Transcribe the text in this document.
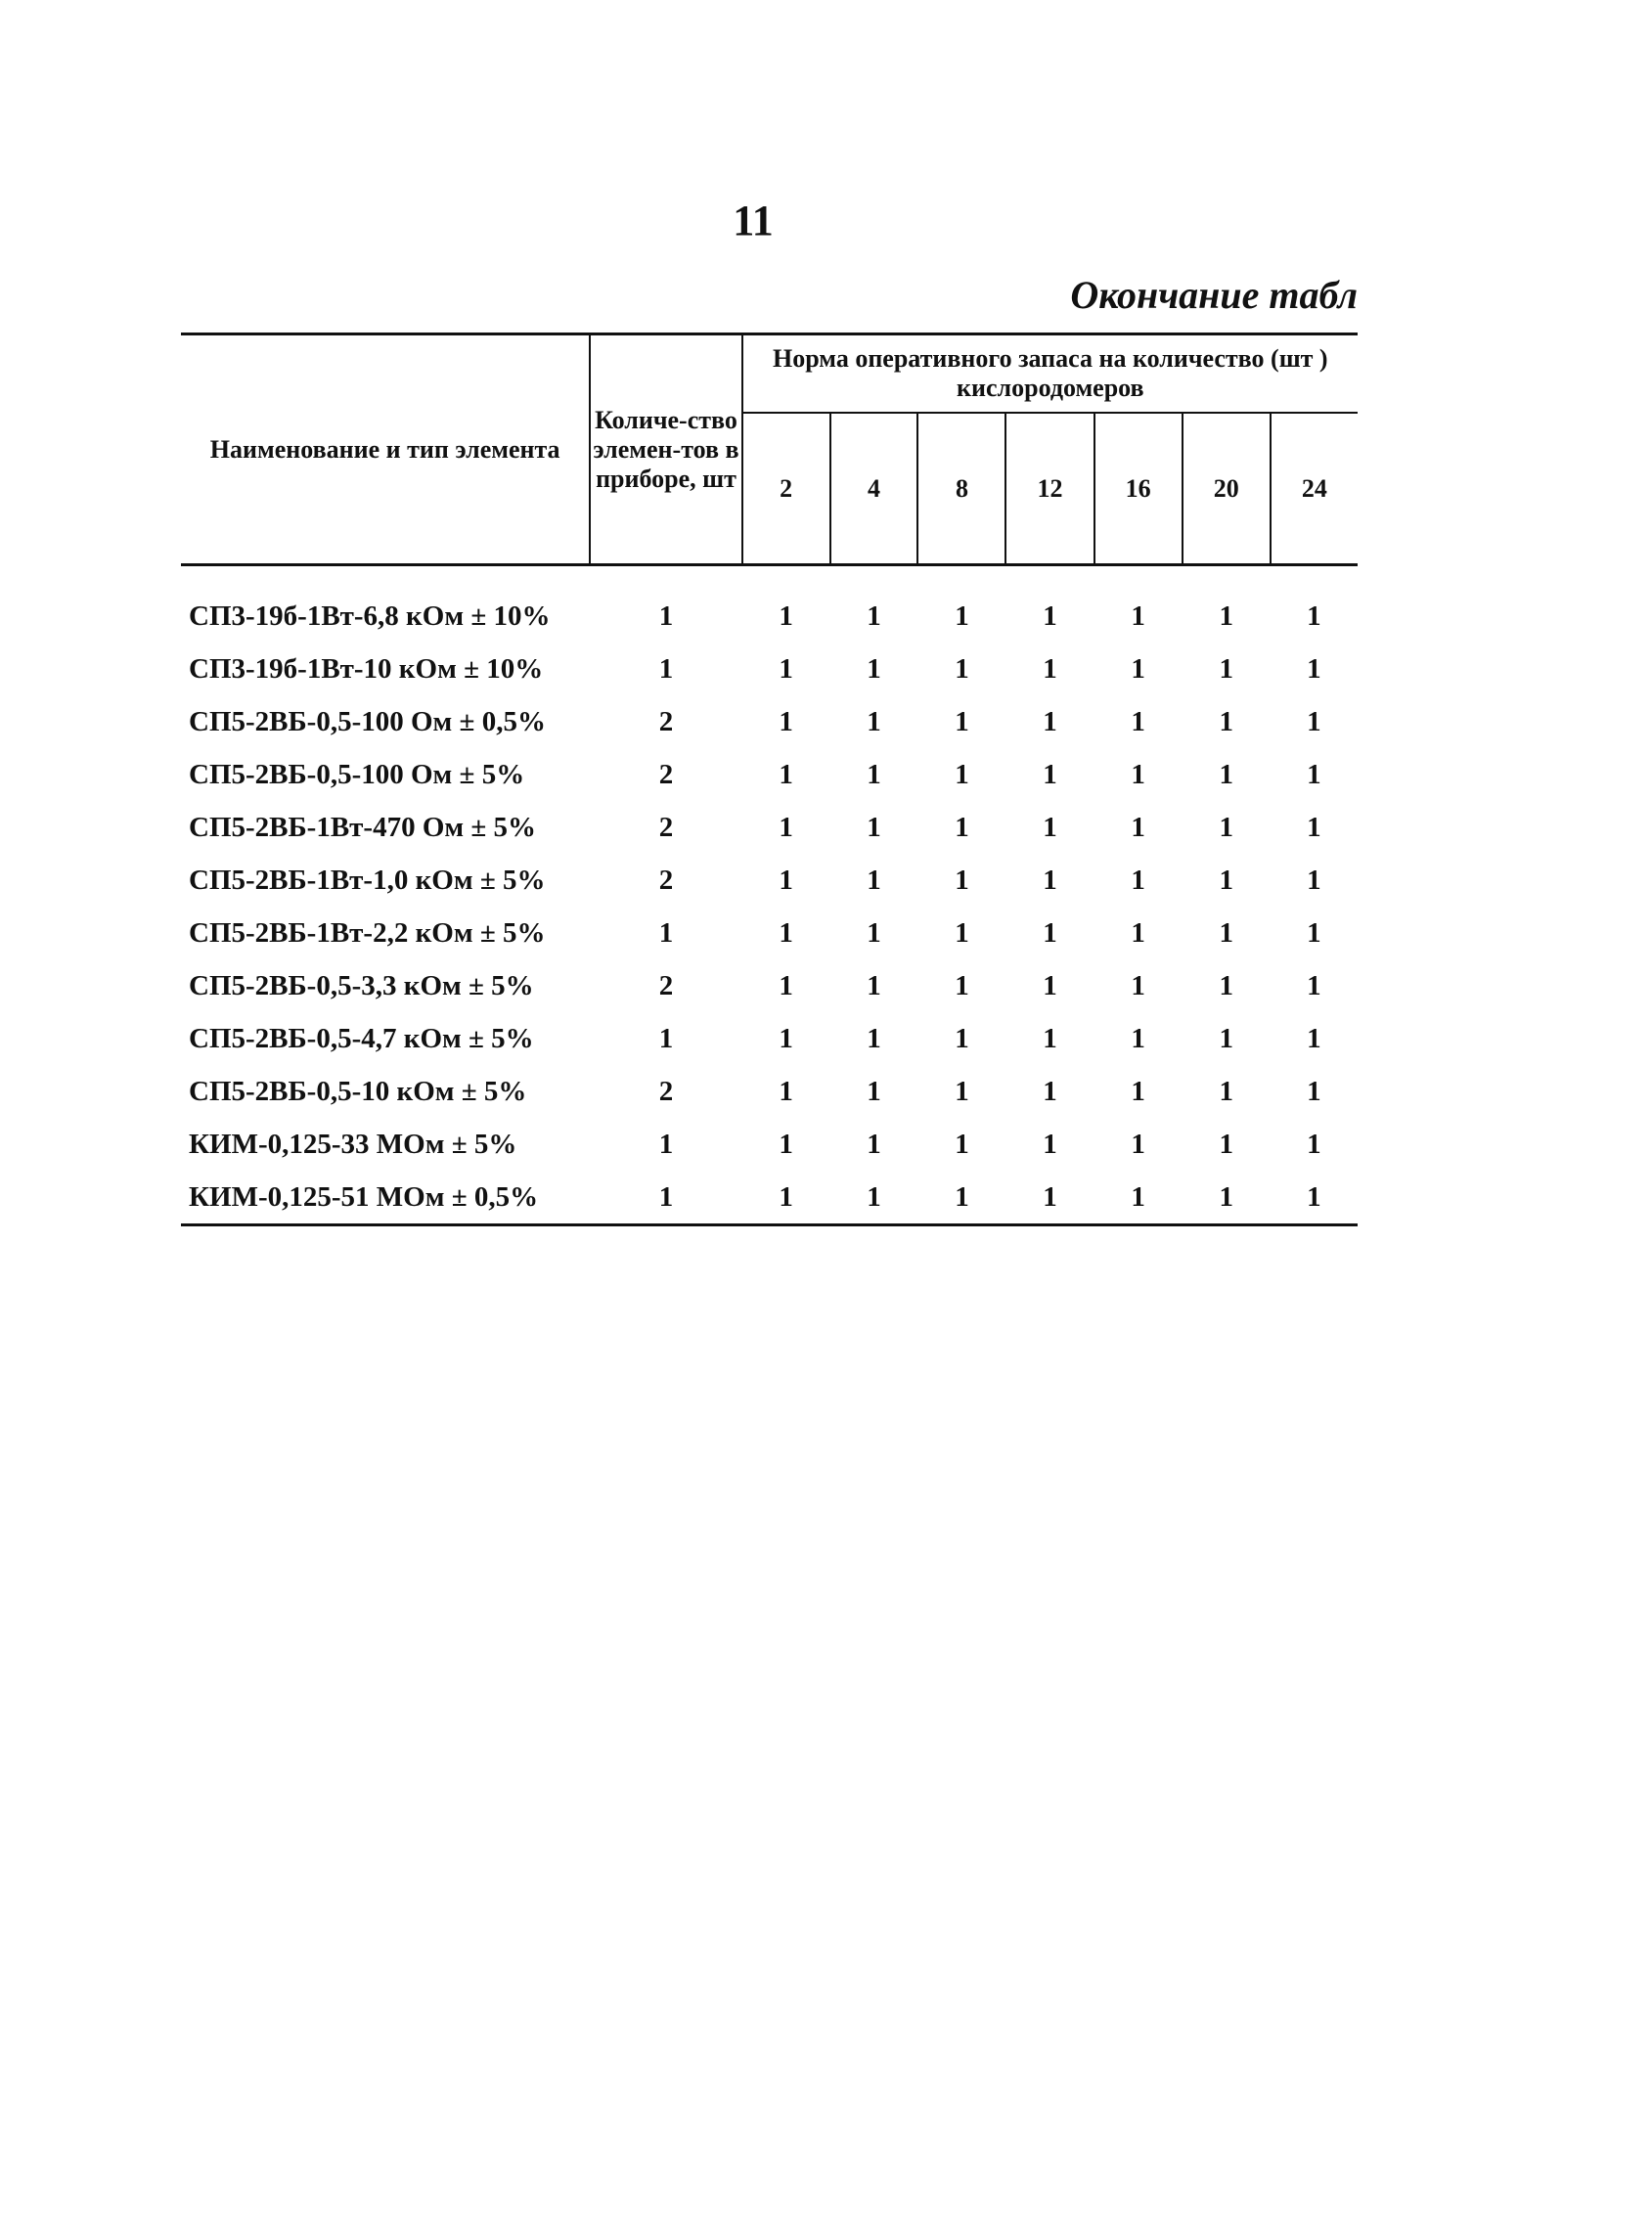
11
Окончание табл
Наименование и тип элемента	Количе-ство элемен-тов в приборе, шт	Норма оперативного запаса на количество (шт ) кислородомеров						
		2	4	8	12	16	20	24

СП3-19б-1Вт-6,8 кОм ± 10%	1	1	1	1	1	1	1	1
СП3-19б-1Вт-10 кОм ± 10%	1	1	1	1	1	1	1	1
СП5-2ВБ-0,5-100 Ом ± 0,5%	2	1	1	1	1	1	1	1
СП5-2ВБ-0,5-100 Ом ± 5%	2	1	1	1	1	1	1	1
СП5-2ВБ-1Вт-470 Ом ± 5%	2	1	1	1	1	1	1	1
СП5-2ВБ-1Вт-1,0 кОм ± 5%	2	1	1	1	1	1	1	1
СП5-2ВБ-1Вт-2,2 кОм ± 5%	1	1	1	1	1	1	1	1
СП5-2ВБ-0,5-3,3 кОм ± 5%	2	1	1	1	1	1	1	1
СП5-2ВБ-0,5-4,7 кОм ± 5%	1	1	1	1	1	1	1	1
СП5-2ВБ-0,5-10 кОм ± 5%	2	1	1	1	1	1	1	1
КИМ-0,125-33 МОм ± 5%	1	1	1	1	1	1	1	1
КИМ-0,125-51 МОм ± 0,5%	1	1	1	1	1	1	1	1
